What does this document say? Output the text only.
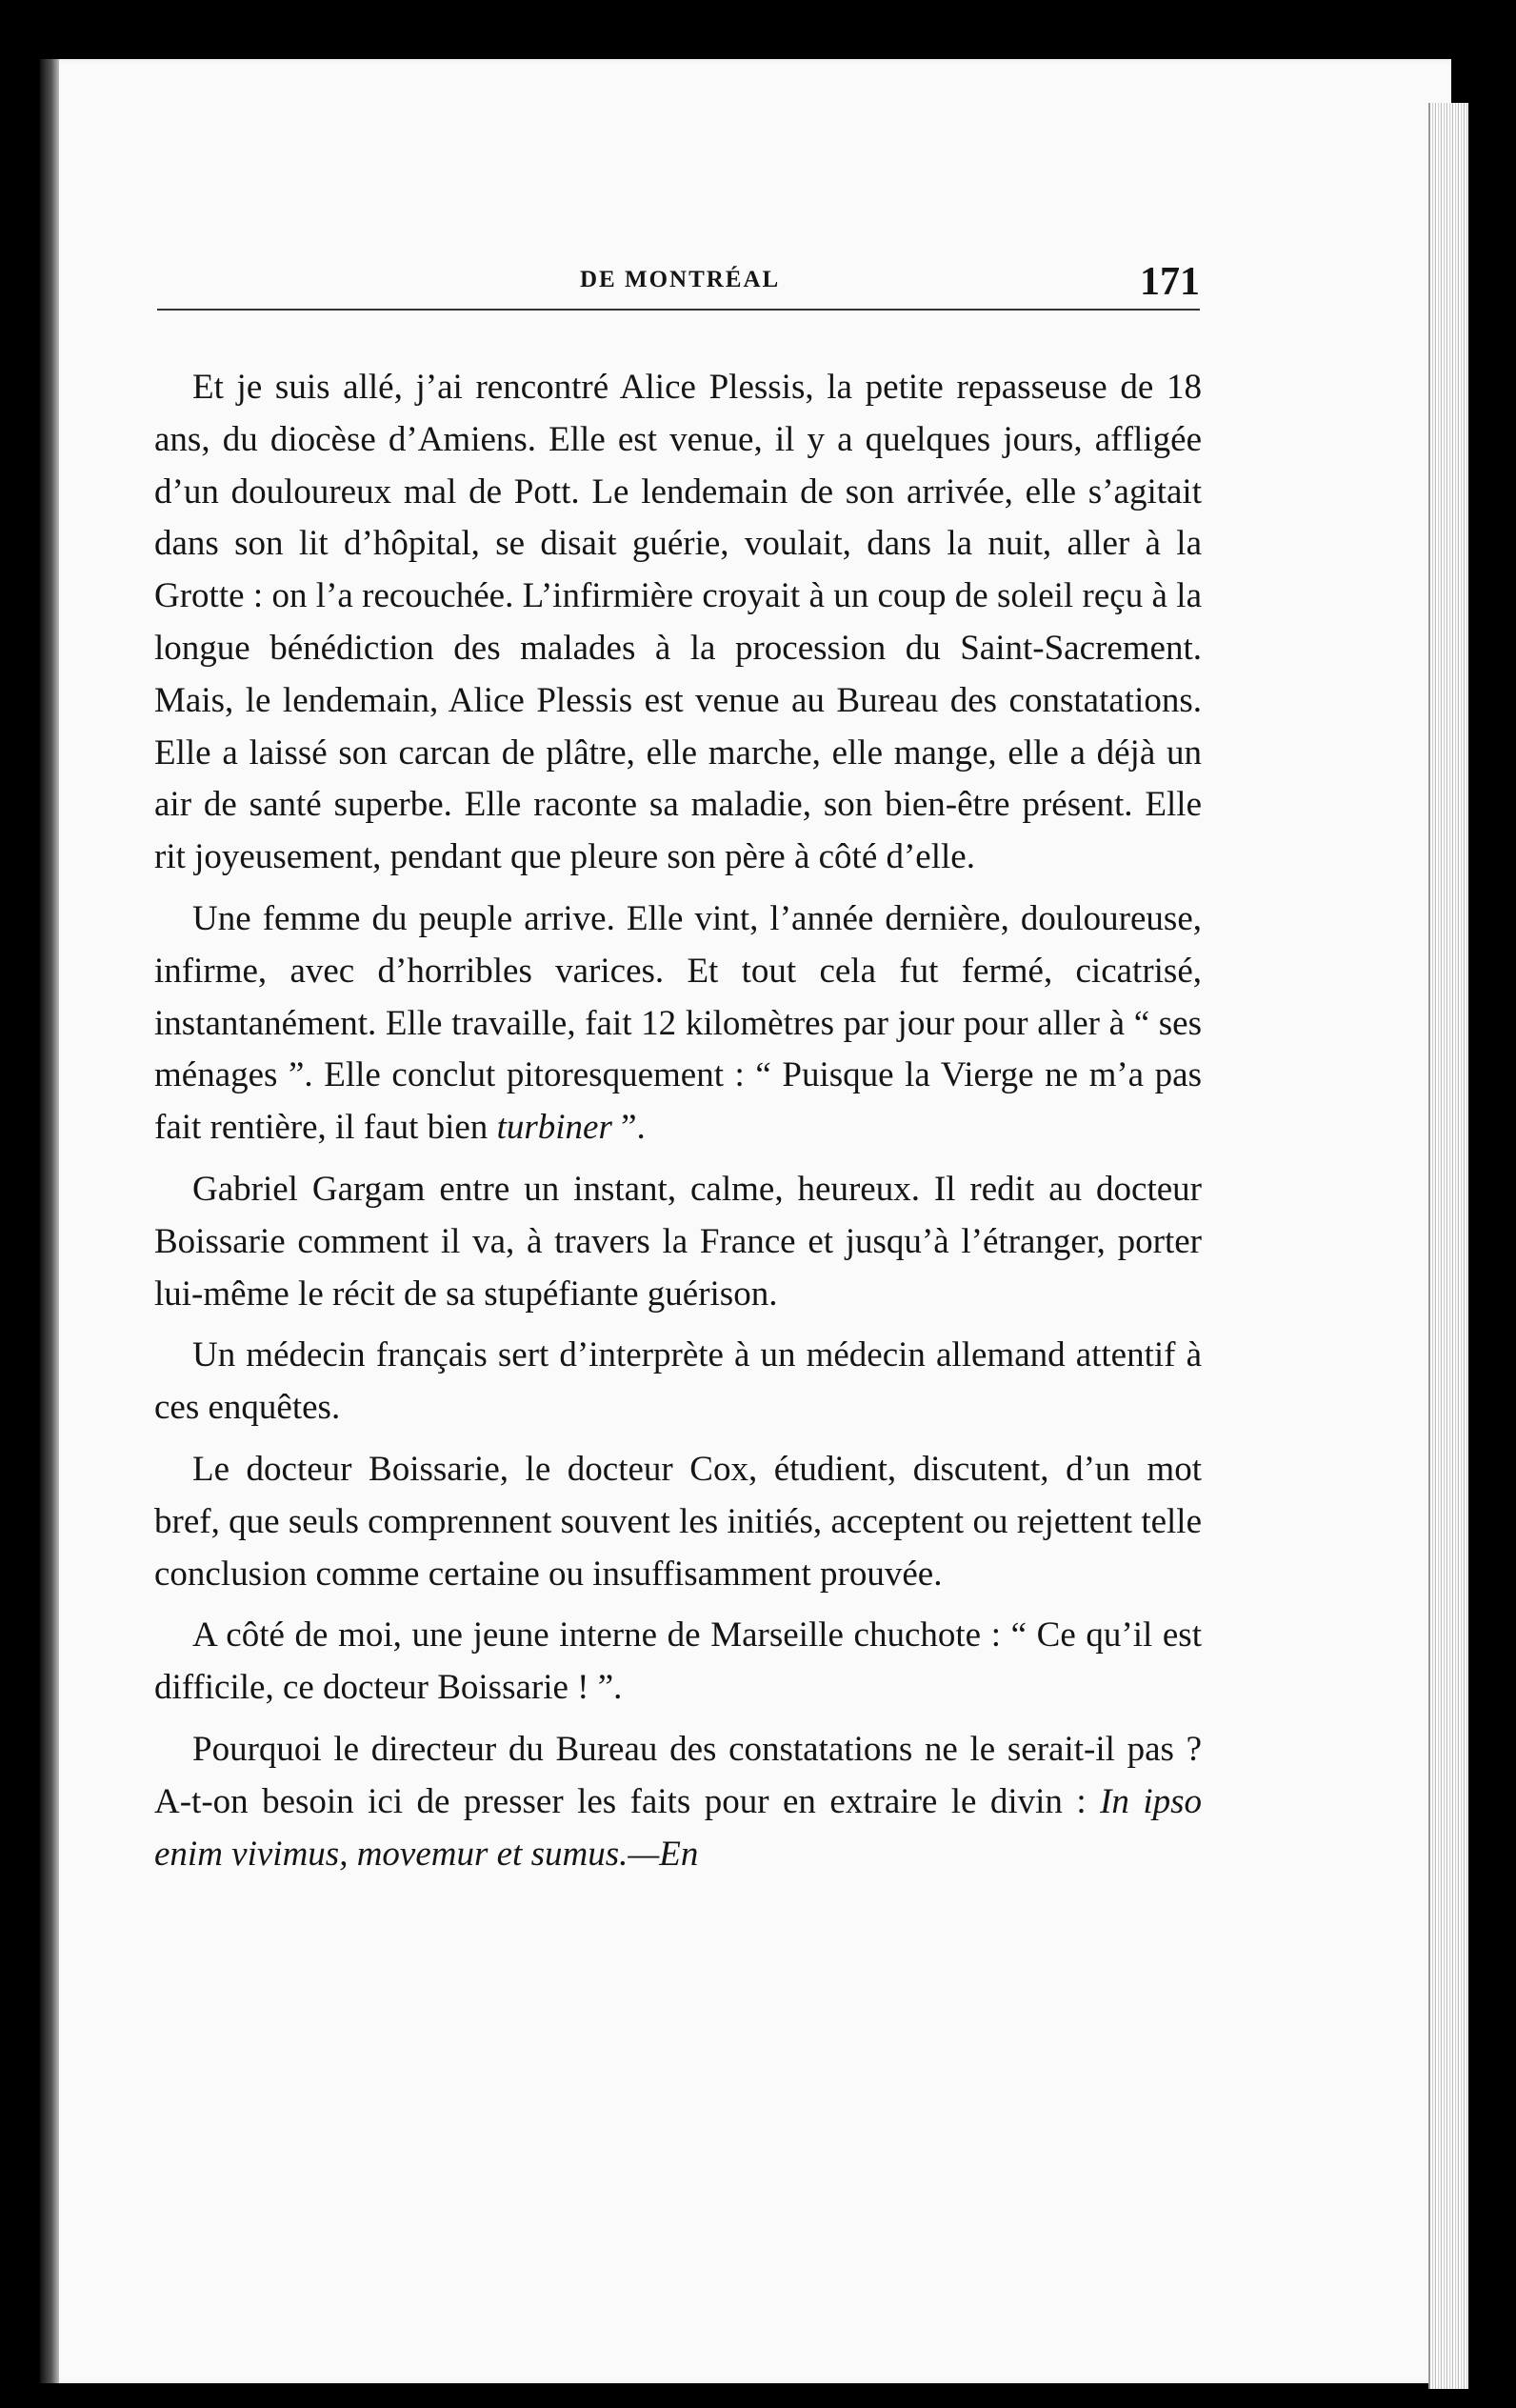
DE MONTRÉAL	171

Et je suis allé, j’ai rencontré Alice Plessis, la petite repasseuse de 18 ans, du diocèse d’Amiens. Elle est venue, il y a quelques jours, affligée d’un douloureux mal de Pott. Le lendemain de son arrivée, elle s’agitait dans son lit d’hôpital, se disait guérie, voulait, dans la nuit, aller à la Grotte : on l’a recouchée. L’infirmière croyait à un coup de soleil reçu à la longue bénédiction des malades à la procession du Saint-Sacrement. Mais, le lendemain, Alice Plessis est venue au Bureau des constatations. Elle a laissé son carcan de plâtre, elle marche, elle mange, elle a déjà un air de santé superbe. Elle raconte sa maladie, son bien-être présent. Elle rit joyeusement, pendant que pleure son père à côté d’elle.

Une femme du peuple arrive. Elle vint, l’année dernière, douloureuse, infirme, avec d’horribles varices. Et tout cela fut fermé, cicatrisé, instantanément. Elle travaille, fait 12 kilomètres par jour pour aller à “ ses ménages ”. Elle conclut pitoresquement : “ Puisque la Vierge ne m’a pas fait rentière, il faut bien turbiner ”.

Gabriel Gargam entre un instant, calme, heureux. Il redit au docteur Boissarie comment il va, à travers la France et jusqu’à l’étranger, porter lui-même le récit de sa stupéfiante guérison.

Un médecin français sert d’interprète à un médecin allemand attentif à ces enquêtes.

Le docteur Boissarie, le docteur Cox, étudient, discutent, d’un mot bref, que seuls comprennent souvent les initiés, acceptent ou rejettent telle conclusion comme certaine ou insuffisamment prouvée.

A côté de moi, une jeune interne de Marseille chuchote : “ Ce qu’il est difficile, ce docteur Boissarie ! ”.

Pourquoi le directeur du Bureau des constatations ne le serait-il pas ? A-t-on besoin ici de presser les faits pour en extraire le divin : In ipso enim vivimus, movemur et sumus.—En
